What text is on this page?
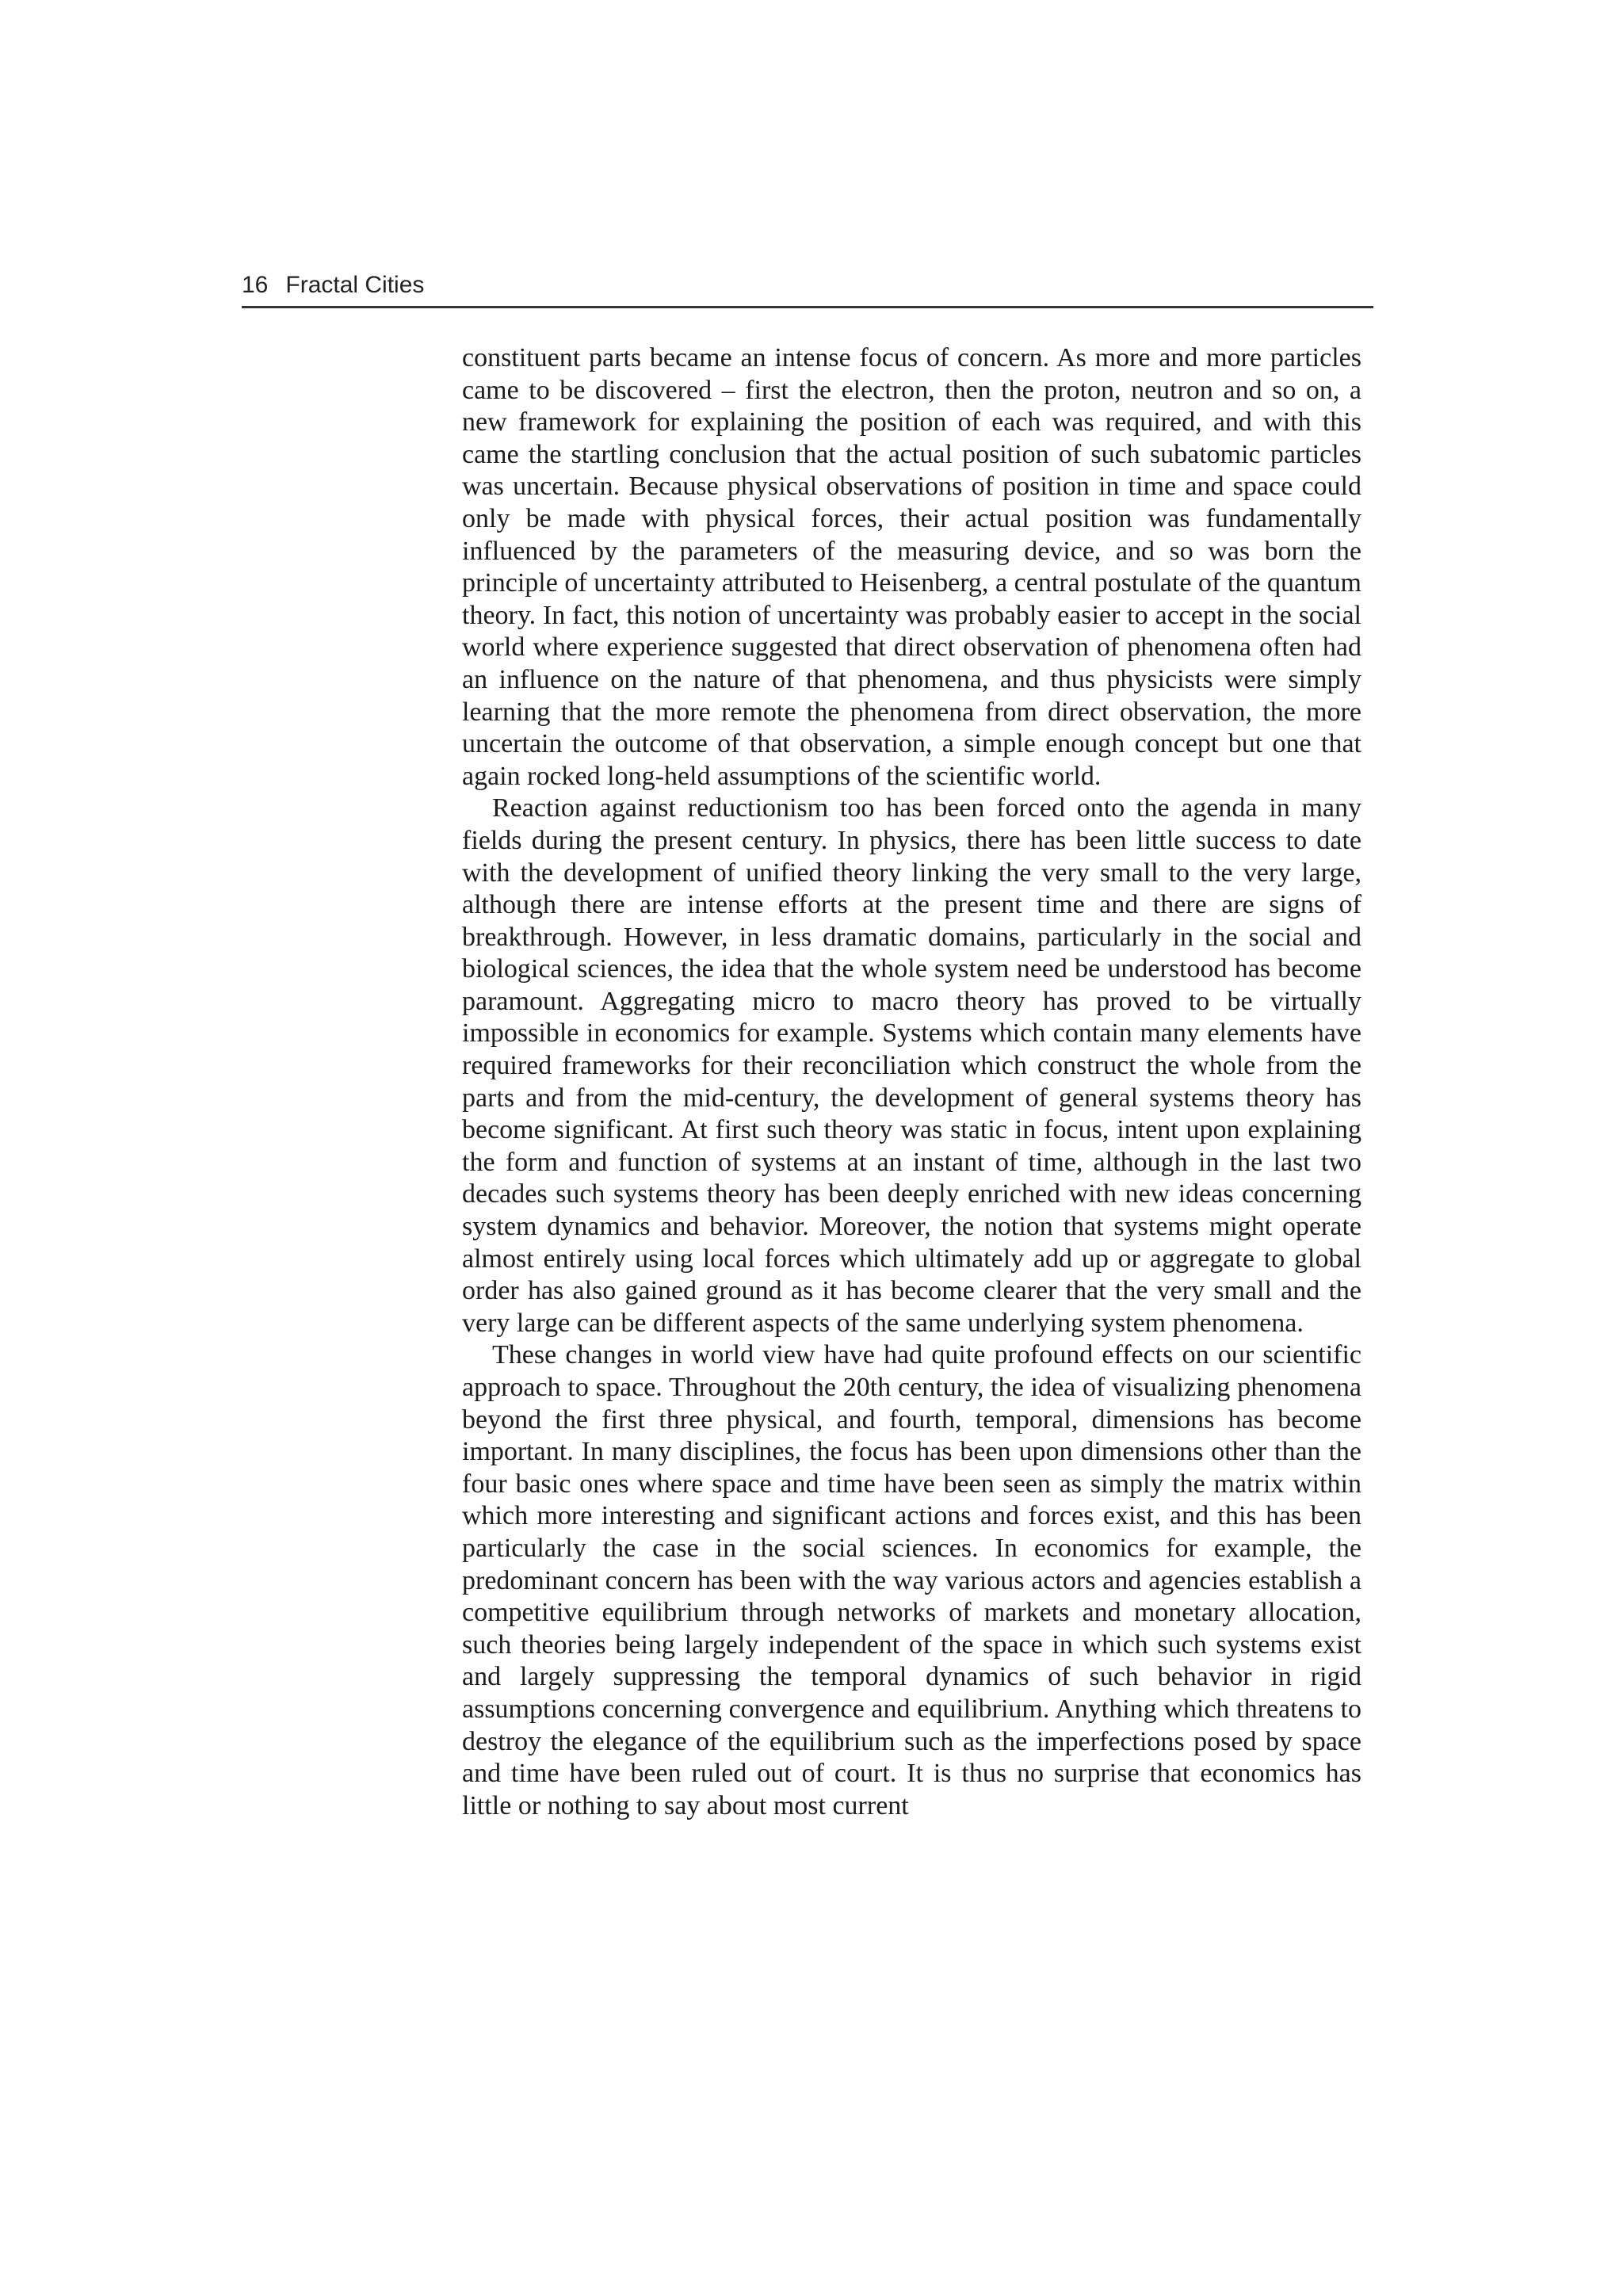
16 Fractal Cities

constituent parts became an intense focus of concern. As more and more particles came to be discovered – first the electron, then the proton, neutron and so on, a new framework for explaining the position of each was required, and with this came the startling conclusion that the actual position of such subatomic particles was uncertain. Because physical observations of position in time and space could only be made with physical forces, their actual position was fundamentally influenced by the parameters of the measuring device, and so was born the principle of uncertainty attributed to Heisenberg, a central postulate of the quantum theory. In fact, this notion of uncertainty was probably easier to accept in the social world where experience suggested that direct observation of phenomena often had an influence on the nature of that phenomena, and thus physicists were simply learning that the more remote the phenomena from direct observation, the more uncertain the outcome of that observation, a simple enough concept but one that again rocked long-held assumptions of the scientific world.

Reaction against reductionism too has been forced onto the agenda in many fields during the present century. In physics, there has been little success to date with the development of unified theory linking the very small to the very large, although there are intense efforts at the present time and there are signs of breakthrough. However, in less dramatic domains, particularly in the social and biological sciences, the idea that the whole system need be understood has become paramount. Aggregating micro to macro theory has proved to be virtually impossible in economics for example. Systems which contain many elements have required frameworks for their reconciliation which construct the whole from the parts and from the mid-century, the development of general systems theory has become significant. At first such theory was static in focus, intent upon explaining the form and function of systems at an instant of time, although in the last two decades such systems theory has been deeply enriched with new ideas concerning system dynamics and behavior. Moreover, the notion that systems might operate almost entirely using local forces which ultimately add up or aggregate to global order has also gained ground as it has become clearer that the very small and the very large can be different aspects of the same underlying system phenomena.

These changes in world view have had quite profound effects on our scientific approach to space. Throughout the 20th century, the idea of visualizing phenomena beyond the first three physical, and fourth, temporal, dimensions has become important. In many disciplines, the focus has been upon dimensions other than the four basic ones where space and time have been seen as simply the matrix within which more interesting and significant actions and forces exist, and this has been particularly the case in the social sciences. In economics for example, the predominant concern has been with the way various actors and agencies establish a competitive equilibrium through networks of markets and monetary allocation, such theories being largely independent of the space in which such systems exist and largely suppressing the temporal dynamics of such behavior in rigid assumptions concerning convergence and equilibrium. Anything which threatens to destroy the elegance of the equilibrium such as the imperfections posed by space and time have been ruled out of court. It is thus no surprise that economics has little or nothing to say about most current
